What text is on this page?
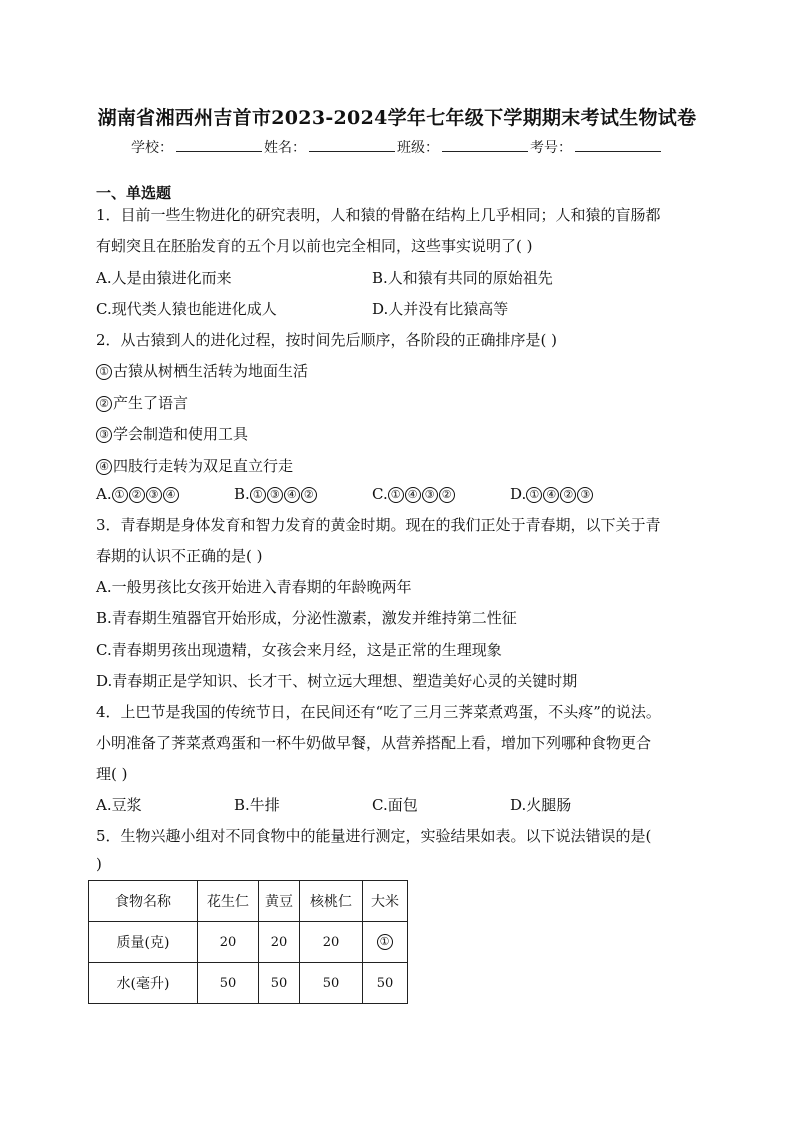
湖南省湘西州吉首市2023-2024学年七年级下学期期末考试生物试卷
学校：	姓名：	班级：	考号：
一、单选题
1．目前一些生物进化的研究表明，人和猿的骨骼在结构上几乎相同；人和猿的盲肠都
有蚓突且在胚胎发育的五个月以前也完全相同，这些事实说明了( )
A.人是由猿进化而来	B.人和猿有共同的原始祖先
C.现代类人猿也能进化成人	D.人并没有比猿高等
2．从古猿到人的进化过程，按时间先后顺序，各阶段的正确排序是( )
① 古猿从树栖生活转为地面生活
② 产生了语言
③ 学会制造和使用工具
④ 四肢行走转为双足直立行走
A. ① ② ③ ④	B. ① ③ ④ ②	C. ① ④ ③ ②	D. ① ④ ② ③
3．青春期是身体发育和智力发育的黄金时期。现在的我们正处于青春期，以下关于青
春期的认识不正确的是( )
A.一般男孩比女孩开始进入青春期的年龄晚两年
B.青春期生殖器官开始形成，分泌性激素，激发并维持第二性征
C.青春期男孩出现遗精，女孩会来月经，这是正常的生理现象
D.青春期正是学知识、长才干、树立远大理想、塑造美好心灵的关键时期
4．上巴节是我国的传统节日，在民间还有“吃了三月三荠菜煮鸡蛋，不头疼”的说法。
小明准备了荠菜煮鸡蛋和一杯牛奶做早餐，从营养搭配上看，增加下列哪种食物更合
理( )
A.豆浆	B.牛排	C.面包	D.火腿肠
5．生物兴趣小组对不同食物中的能量进行测定，实验结果如表。以下说法错误的是(
)
食物名称	花生仁	黄豆	核桃仁	大米
质量(克)	20	20	20	①
水(毫升)	50	50	50	50
